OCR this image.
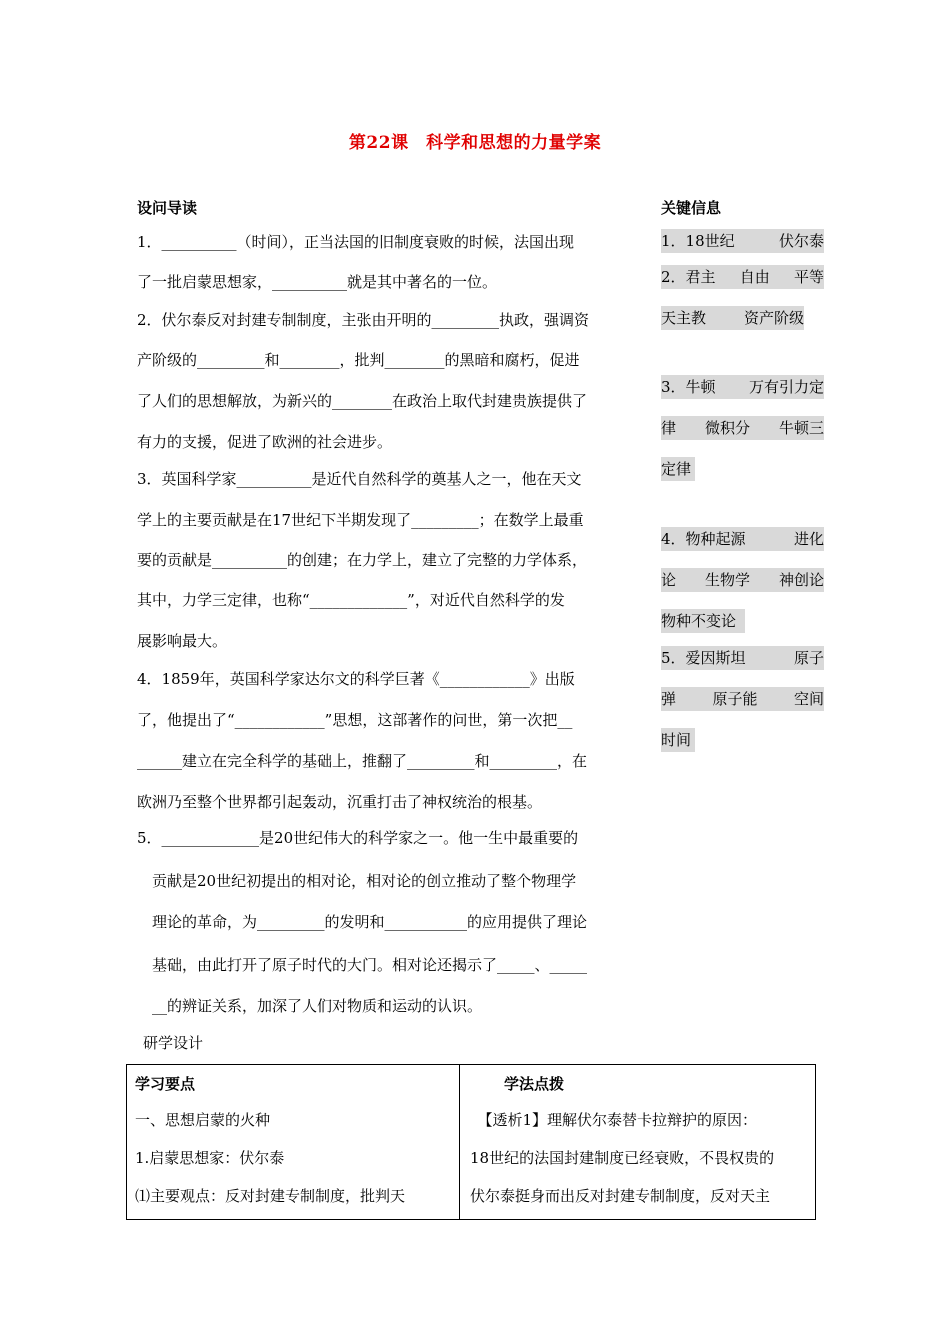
第22课　科学和思想的力量学案
设问导读	关键信息
1．__________（时间），正当法国的旧制度衰败的时候，法国出现
了一批启蒙思想家，__________就是其中著名的一位。
2．伏尔泰反对封建专制制度，主张由开明的_________执政，强调资
产阶级的_________和________，批判________的黑暗和腐朽，促进
了人们的思想解放，为新兴的________在政治上取代封建贵族提供了
有力的支援，促进了欧洲的社会进步。
3．英国科学家__________是近代自然科学的奠基人之一，他在天文
学上的主要贡献是在17世纪下半期发现了_________；在数学上最重
要的贡献是__________的创建；在力学上，建立了完整的力学体系，
其中，力学三定律，也称“_____________”，对近代自然科学的发
展影响最大。
4．1859年，英国科学家达尔文的科学巨著《____________》出版
了，他提出了“____________”思想，这部著作的问世，第一次把__
______建立在完全科学的基础上，推翻了_________和_________，在
欧洲乃至整个世界都引起轰动，沉重打击了神权统治的根基。
5．_____________是20世纪伟大的科学家之一。他一生中最重要的
贡献是20世纪初提出的相对论，相对论的创立推动了整个物理学
理论的革命，为_________的发明和___________的应用提供了理论
基础，由此打开了原子时代的大门。相对论还揭示了_____、_____
__的辨证关系，加深了人们对物质和运动的认识。
1．18世纪	伏尔泰
2．君主 自由 平等
天主教	资产阶级
3．牛顿 万有引力定
律 微积分 牛顿三
定律
4．物种起源	进化
论 生物学 神创论
物种不变论
5．爱因斯坦	原子
弹 原子能 空间
时间
研学设计
学习要点
一、思想启蒙的火种
1.启蒙思想家：伏尔泰
⑴主要观点：反对封建专制制度，批判天

学法点拨
　【透析1】理解伏尔泰替卡拉辩护的原因：
18世纪的法国封建制度已经衰败，不畏权贵的
伏尔泰挺身而出反对封建专制制度，反对天主
